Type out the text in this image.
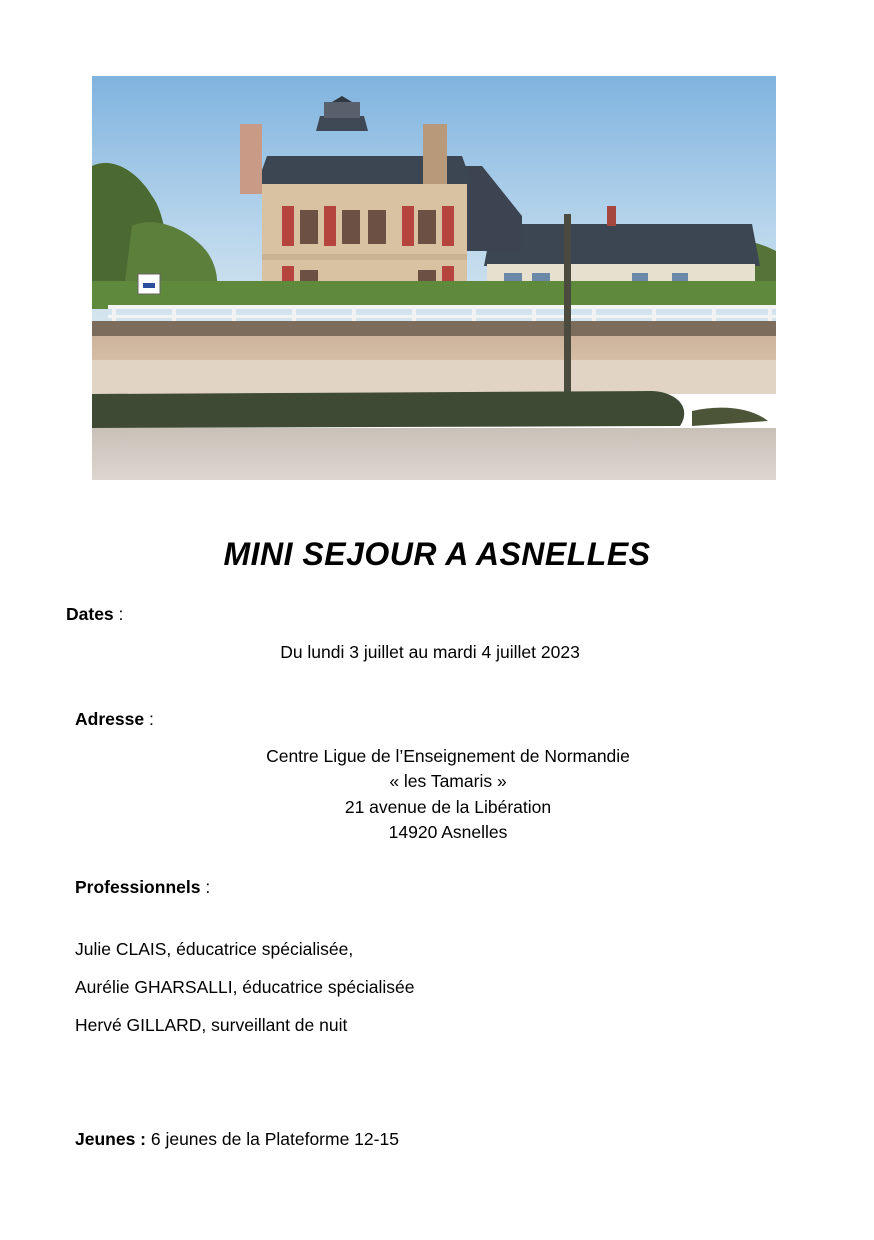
MINI SEJOUR A ASNELLES
Dates :
Du lundi 3 juillet au mardi 4 juillet 2023
Adresse :
Centre Ligue de l’Enseignement de Normandie
« les Tamaris »
21 avenue de la Libération
14920 Asnelles
Professionnels :
Julie CLAIS, éducatrice spécialisée,
Aurélie GHARSALLI, éducatrice spécialisée
Hervé GILLARD, surveillant de nuit
Jeunes : 6 jeunes de la Plateforme 12-15
